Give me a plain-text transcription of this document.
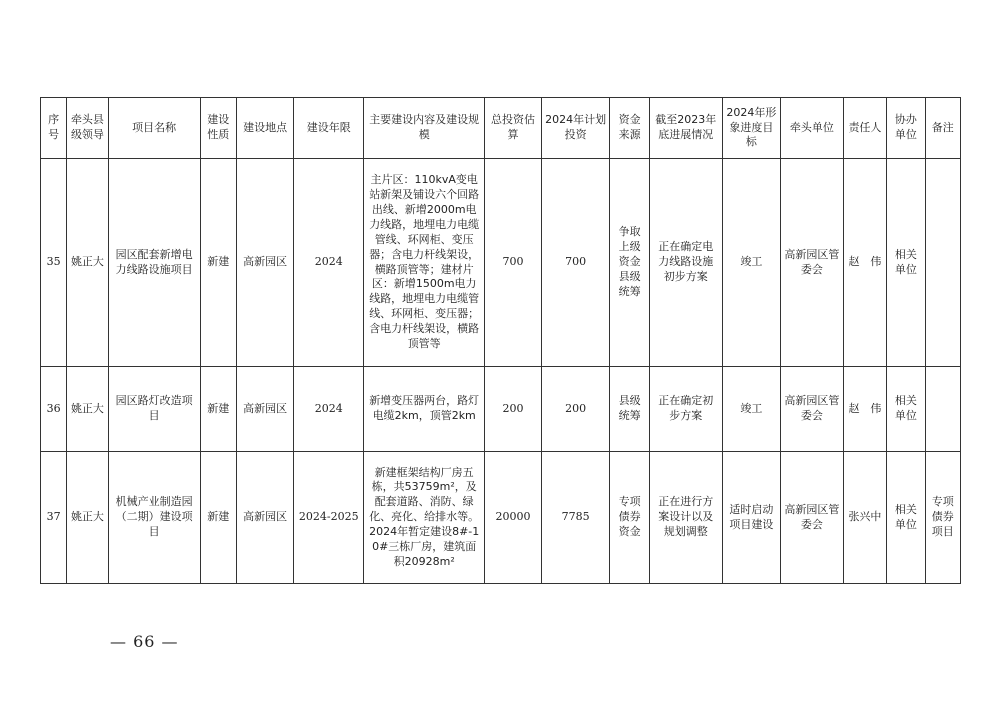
序号	牵头县级领导	项目名称	建设性质	建设地点	建设年限	主要建设内容及建设规模	总投资估算	2024年计划投资	资金来源	截至2023年底进展情况	2024年形象进度目标	牵头单位	责任人	协办单位	备注
35	姚正大	园区配套新增电力线路设施项目	新建	高新园区	2024	主片区：110kvA变电站新架及铺设六个回路出线、新增2000m电力线路，地埋电力电缆管线、环网柜、变压器；含电力杆线架设，横路顶管等；建材片区：新增1500m电力线路，地埋电力电缆管线、环网柜、变压器；含电力杆线架设，横路顶管等	700	700	争取上级资金县级统筹	正在确定电力线路设施初步方案	竣工	高新园区管委会	赵　伟	相关单位	
36	姚正大	园区路灯改造项目	新建	高新园区	2024	新增变压器两台，路灯电缆2km，顶管2km	200	200	县级统筹	正在确定初步方案	竣工	高新园区管委会	赵　伟	相关单位	
37	姚正大	机械产业制造园（二期）建设项目	新建	高新园区	2024-2025	新建框架结构厂房五栋，共53759m²，及配套道路、消防、绿化、亮化、给排水等。2024年暂定建设8#-10#三栋厂房，建筑面积20928m²	20000	7785	专项债券资金	正在进行方案设计以及规划调整	适时启动项目建设	高新园区管委会	张兴中	相关单位	专项债券项目
— 66 —
